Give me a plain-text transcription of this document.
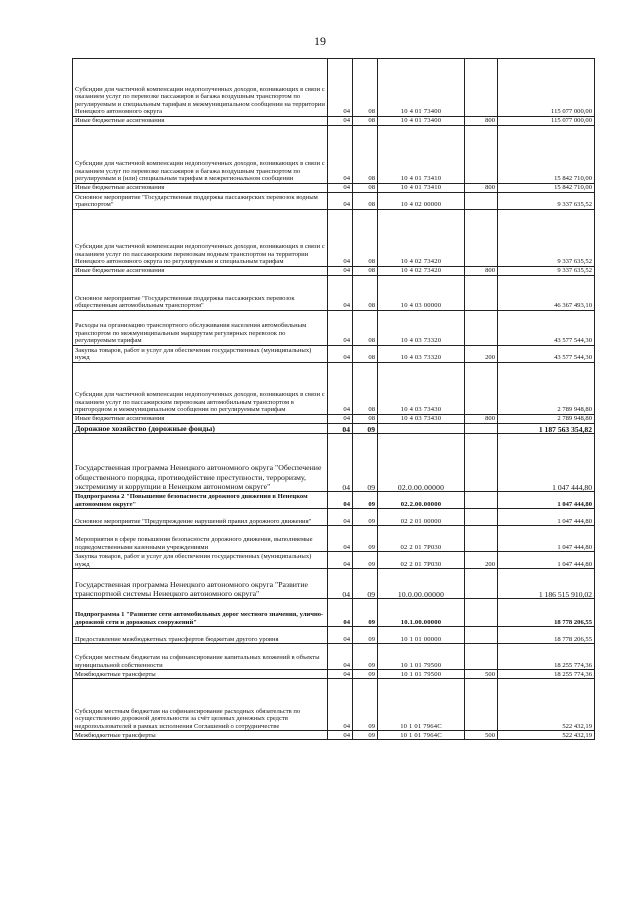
19
Субсидии для частичной компенсации недополученных доходов, возникающих в связи с оказанием услуг по перевозке пассажиров и багажа воздушным транспортом по регулируемым и специальным тарифам в межмуниципальном сообщении на территории Ненецкого автономного округа	04	08	10 4 01 73400		115 077 000,00
Иные бюджетные ассигнования	04	08	10 4 01 73400	800	115 077 000,00
Субсидии для частичной компенсации недополученных доходов, возникающих в связи с оказанием услуг по перевозке пассажиров и багажа воздушным транспортом по регулируемым и (или) специальным тарифам в межрегиональном сообщении	04	08	10 4 01 73410		15 842 710,00
Иные бюджетные ассигнования	04	08	10 4 01 73410	800	15 842 710,00
Основное мероприятие "Государственная поддержка пассажирских перевозок водным транспортом"	04	08	10 4 02 00000		9 337 635,52
Субсидии для частичной компенсации недополученных доходов, возникающих в связи с оказанием услуг по пассажирским перевозкам водным транспортом на территории Ненецкого автономного округа по регулируемым и специальным тарифам	04	08	10 4 02 73420		9 337 635,52
Иные бюджетные ассигнования	04	08	10 4 02 73420	800	9 337 635,52
Основное мероприятие "Государственная поддержка пассажирских перевозок общественным автомобильным транспортом"	04	08	10 4 03 00000		46 367 493,10
Расходы на организацию транспортного обслуживания населения автомобильным транспортом по межмуниципальным маршрутам регулярных перевозок по регулируемым тарифам	04	08	10 4 03 73320		43 577 544,30
Закупка товаров, работ и услуг для обеспечения государственных (муниципальных) нужд	04	08	10 4 03 73320	200	43 577 544,30
Субсидии для частичной компенсации недополученных доходов, возникающих в связи с оказанием услуг по пассажирским перевозкам автомобильным транспортом в пригородном и межмуниципальном сообщении по регулируемым тарифам	04	08	10 4 03 73430		2 789 948,80
Иные бюджетные ассигнования	04	08	10 4 03 73430	800	2 789 948,80
Дорожное хозяйство (дорожные фонды)	04	09			1 187 563 354,82
Государственная программа Ненецкого автономного округа "Обеспечение общественного порядка, противодействие преступности, терроризму, экстремизму и коррупции в Ненецком автономном округе"	04	09	02.0.00.00000		1 047 444,80
Подпрограмма 2 "Повышение безопасности дорожного движения в Ненецком автономном округе"	04	09	02.2.00.00000		1 047 444,80
Основное мероприятие "Предупреждение нарушений правил дорожного движения"	04	09	02 2 01 00000		1 047 444,80
Мероприятия в сфере повышения безопасности дорожного движения, выполняемые подведомственными казенными учреждениями	04	09	02 2 01 7Р030		1 047 444,80
Закупка товаров, работ и услуг для обеспечения государственных (муниципальных) нужд	04	09	02 2 01 7Р030	200	1 047 444,80
Государственная программа Ненецкого автономного округа "Развитие транспортной системы Ненецкого автономного округа"	04	09	10.0.00.00000		1 186 515 910,02
Подпрограмма 1 "Развитие сети автомобильных дорог местного значения, улично-дорожной сети и дорожных сооружений"	04	09	10.1.00.00000		18 778 206,55
Предоставление межбюджетных трансфертов бюджетам другого уровня	04	09	10 1 01 00000		18 778 206,55
Субсидии местным бюджетам на софинансирование капитальных вложений в объекты муниципальной собственности	04	09	10 1 01 79500		18 255 774,36
Межбюджетные трансферты	04	09	10 1 01 79500	500	18 255 774,36
Субсидии местным бюджетам на софинансирование расходных обязательств по осуществлению дорожной деятельности за счёт целевых денежных средств недропользователей в рамках исполнения Соглашений о сотрудничестве	04	09	10 1 01 7964С		522 432,19
Межбюджетные трансферты	04	09	10 1 01 7964С	500	522 432,19
